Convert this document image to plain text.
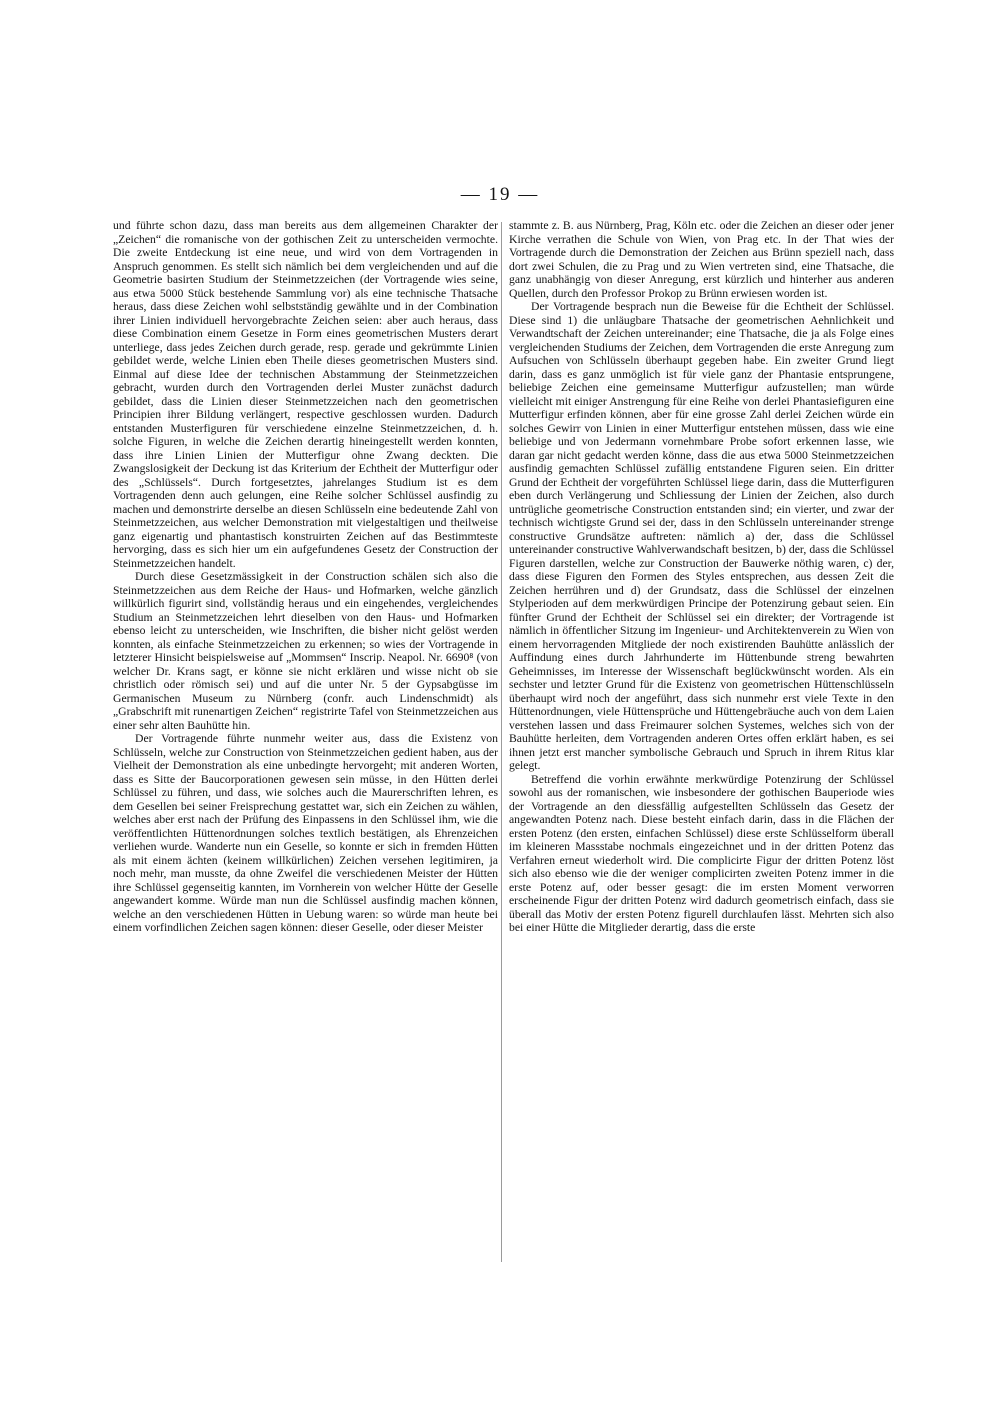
— 19 —

und führte schon dazu, dass man bereits aus dem allgemeinen Charakter der „Zeichen“ die romanische von der gothischen Zeit zu unterscheiden vermochte. Die zweite Entdeckung ist eine neue, und wird von dem Vortragenden in Anspruch genommen. Es stellt sich nämlich bei dem vergleichenden und auf die Geometrie basirten Studium der Steinmetzzeichen (der Vortragende wies seine, aus etwa 5000 Stück bestehende Sammlung vor) als eine technische Thatsache heraus, dass diese Zeichen wohl selbstständig gewählte und in der Combination ihrer Linien individuell hervorgebrachte Zeichen seien: aber auch heraus, dass diese Combination einem Gesetze in Form eines geometrischen Musters derart unterliege, dass jedes Zeichen durch gerade, resp. gerade und gekrümmte Linien gebildet werde, welche Linien eben Theile dieses geometrischen Musters sind. Einmal auf diese Idee der technischen Abstammung der Steinmetzzeichen gebracht, wurden durch den Vortragenden derlei Muster zunächst dadurch gebildet, dass die Linien dieser Steinmetzzeichen nach den geometrischen Principien ihrer Bildung verlängert, respective geschlossen wurden. Dadurch entstanden Musterfiguren für verschiedene einzelne Steinmetzzeichen, d. h. solche Figuren, in welche die Zeichen derartig hineingestellt werden konnten, dass ihre Linien Linien der Mutterfigur ohne Zwang deckten. Die Zwangslosigkeit der Deckung ist das Kriterium der Echtheit der Mutterfigur oder des „Schlüssels“. Durch fortgesetztes, jahrelanges Studium ist es dem Vortragenden denn auch gelungen, eine Reihe solcher Schlüssel ausfindig zu machen und demonstrirte derselbe an diesen Schlüsseln eine bedeutende Zahl von Steinmetzzeichen, aus welcher Demonstration mit vielgestaltigen und theilweise ganz eigenartig und phantastisch konstruirten Zeichen auf das Bestimmteste hervorging, dass es sich hier um ein aufgefundenes Gesetz der Construction der Steinmetzzeichen handelt.

Durch diese Gesetzmässigkeit in der Construction schälen sich also die Steinmetzzeichen aus dem Reiche der Haus- und Hofmarken, welche gänzlich willkürlich figurirt sind, vollständig heraus und ein eingehendes, vergleichendes Studium an Steinmetzzeichen lehrt dieselben von den Haus- und Hofmarken ebenso leicht zu unterscheiden, wie Inschriften, die bisher nicht gelöst werden konnten, als einfache Steinmetzzeichen zu erkennen; so wies der Vortragende in letzterer Hinsicht beispielsweise auf „Mommsen“ Inscrip. Neapol. Nr. 6690⁸ (von welcher Dr. Krans sagt, er könne sie nicht erklären und wisse nicht ob sie christlich oder römisch sei) und auf die unter Nr. 5 der Gypsabgüsse im Germanischen Museum zu Nürnberg (confr. auch Lindenschmidt) als „Grabschrift mit runenartigen Zeichen“ registrirte Tafel von Steinmetzzeichen aus einer sehr alten Bauhütte hin.

Der Vortragende führte nunmehr weiter aus, dass die Existenz von Schlüsseln, welche zur Construction von Steinmetzzeichen gedient haben, aus der Vielheit der Demonstration als eine unbedingte hervorgeht; mit anderen Worten, dass es Sitte der Baucorporationen gewesen sein müsse, in den Hütten derlei Schlüssel zu führen, und dass, wie solches auch die Maurerschriften lehren, es dem Gesellen bei seiner Freisprechung gestattet war, sich ein Zeichen zu wählen, welches aber erst nach der Prüfung des Einpassens in den Schlüssel ihm, wie die veröffentlichten Hüttenordnungen solches textlich bestätigen, als Ehrenzeichen verliehen wurde. Wanderte nun ein Geselle, so konnte er sich in fremden Hütten als mit einem ächten (keinem willkürlichen) Zeichen versehen legitimiren, ja noch mehr, man musste, da ohne Zweifel die verschiedenen Meister der Hütten ihre Schlüssel gegenseitig kannten, im Vornherein von welcher Hütte der Geselle angewandert komme. Würde man nun die Schlüssel ausfindig machen können, welche an den verschiedenen Hütten in Uebung waren: so würde man heute bei einem vorfindlichen Zeichen sagen können: dieser Geselle, oder dieser Meister

stammte z. B. aus Nürnberg, Prag, Köln etc. oder die Zeichen an dieser oder jener Kirche verrathen die Schule von Wien, von Prag etc. In der That wies der Vortragende durch die Demonstration der Zeichen aus Brünn speziell nach, dass dort zwei Schulen, die zu Prag und zu Wien vertreten sind, eine Thatsache, die ganz unabhängig von dieser Anregung, erst kürzlich und hinterher aus anderen Quellen, durch den Professor Prokop zu Brünn erwiesen worden ist.

Der Vortragende besprach nun die Beweise für die Echtheit der Schlüssel. Diese sind 1) die unläugbare Thatsache der geometrischen Aehnlichkeit und Verwandtschaft der Zeichen untereinander; eine Thatsache, die ja als Folge eines vergleichenden Studiums der Zeichen, dem Vortragenden die erste Anregung zum Aufsuchen von Schlüsseln überhaupt gegeben habe. Ein zweiter Grund liegt darin, dass es ganz unmöglich ist für viele ganz der Phantasie entsprungene, beliebige Zeichen eine gemeinsame Mutterfigur aufzustellen; man würde vielleicht mit einiger Anstrengung für eine Reihe von derlei Phantasiefiguren eine Mutterfigur erfinden können, aber für eine grosse Zahl derlei Zeichen würde ein solches Gewirr von Linien in einer Mutterfigur entstehen müssen, dass wie eine beliebige und von Jedermann vornehmbare Probe sofort erkennen lasse, wie daran gar nicht gedacht werden könne, dass die aus etwa 5000 Steinmetzzeichen ausfindig gemachten Schlüssel zufällig entstandene Figuren seien. Ein dritter Grund der Echtheit der vorgeführten Schlüssel liege darin, dass die Mutterfiguren eben durch Verlängerung und Schliessung der Linien der Zeichen, also durch untrügliche geometrische Construction entstanden sind; ein vierter, und zwar der technisch wichtigste Grund sei der, dass in den Schlüsseln untereinander strenge constructive Grundsätze auftreten: nämlich a) der, dass die Schlüssel untereinander constructive Wahlverwandschaft besitzen, b) der, dass die Schlüssel Figuren darstellen, welche zur Construction der Bauwerke nöthig waren, c) der, dass diese Figuren den Formen des Styles entsprechen, aus dessen Zeit die Zeichen herrühren und d) der Grundsatz, dass die Schlüssel der einzelnen Stylperioden auf dem merkwürdigen Principe der Potenzirung gebaut seien. Ein fünfter Grund der Echtheit der Schlüssel sei ein direkter; der Vortragende ist nämlich in öffentlicher Sitzung im Ingenieur- und Architektenverein zu Wien von einem hervorragenden Mitgliede der noch existirenden Bauhütte anlässlich der Auffindung eines durch Jahrhunderte im Hüttenbunde streng bewahrten Geheimnisses, im Interesse der Wissenschaft beglückwünscht worden. Als ein sechster und letzter Grund für die Existenz von geometrischen Hüttenschlüsseln überhaupt wird noch der angeführt, dass sich nunmehr erst viele Texte in den Hüttenordnungen, viele Hüttensprüche und Hüttengebräuche auch von dem Laien verstehen lassen und dass Freimaurer solchen Systemes, welches sich von der Bauhütte herleiten, dem Vortragenden anderen Ortes offen erklärt haben, es sei ihnen jetzt erst mancher symbolische Gebrauch und Spruch in ihrem Ritus klar gelegt.

Betreffend die vorhin erwähnte merkwürdige Potenzirung der Schlüssel sowohl aus der romanischen, wie insbesondere der gothischen Bauperiode wies der Vortragende an den diessfällig aufgestellten Schlüsseln das Gesetz der angewandten Potenz nach. Diese besteht einfach darin, dass in die Flächen der ersten Potenz (den ersten, einfachen Schlüssel) diese erste Schlüsselform überall im kleineren Massstabe nochmals eingezeichnet und in der dritten Potenz das Verfahren erneut wiederholt wird. Die complicirte Figur der dritten Potenz löst sich also ebenso wie die der weniger complicirten zweiten Potenz immer in die erste Potenz auf, oder besser gesagt: die im ersten Moment verworren erscheinende Figur der dritten Potenz wird dadurch geometrisch einfach, dass sie überall das Motiv der ersten Potenz figurell durchlaufen lässt. Mehrten sich also bei einer Hütte die Mitglieder derartig, dass die erste
